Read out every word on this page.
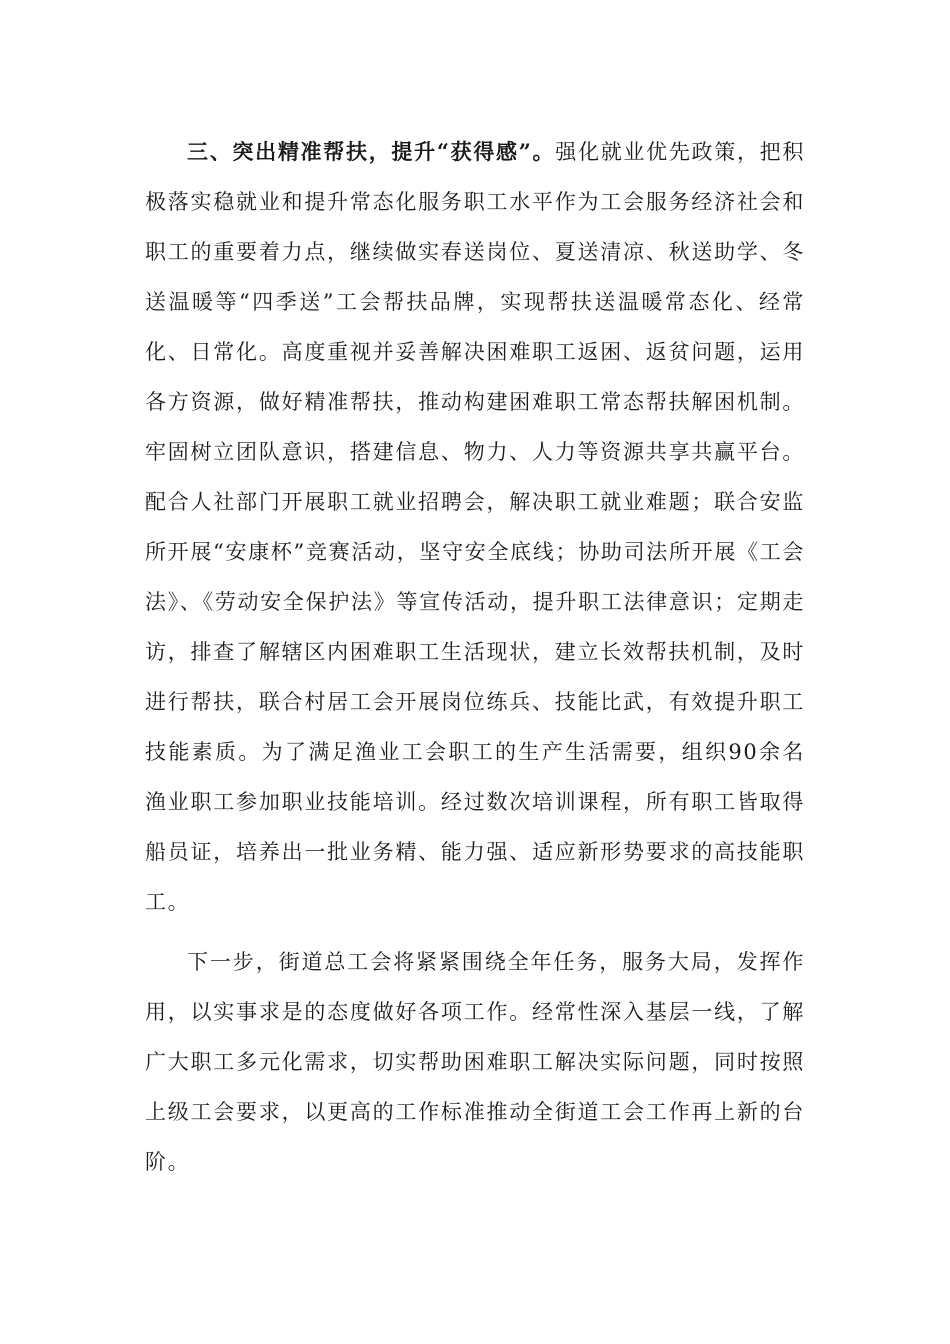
三、突出精准帮扶，提升“获得感”。强化就业优先政策，把积极落实稳就业和提升常态化服务职工水平作为工会服务经济社会和职工的重要着力点，继续做实春送岗位、夏送清凉、秋送助学、冬送温暖等“四季送”工会帮扶品牌，实现帮扶送温暖常态化、经常化、日常化。高度重视并妥善解决困难职工返困、返贫问题，运用各方资源，做好精准帮扶，推动构建困难职工常态帮扶解困机制。牢固树立团队意识，搭建信息、物力、人力等资源共享共赢平台。配合人社部门开展职工就业招聘会，解决职工就业难题；联合安监所开展“安康杯”竞赛活动，坚守安全底线；协助司法所开展《工会法》、《劳动安全保护法》等宣传活动，提升职工法律意识；定期走访，排查了解辖区内困难职工生活现状，建立长效帮扶机制，及时进行帮扶，联合村居工会开展岗位练兵、技能比武，有效提升职工技能素质。为了满足渔业工会职工的生产生活需要，组织90余名渔业职工参加职业技能培训。经过数次培训课程，所有职工皆取得船员证，培养出一批业务精、能力强、适应新形势要求的高技能职工。

下一步，街道总工会将紧紧围绕全年任务，服务大局，发挥作用，以实事求是的态度做好各项工作。经常性深入基层一线，了解广大职工多元化需求，切实帮助困难职工解决实际问题，同时按照上级工会要求，以更高的工作标准推动全街道工会工作再上新的台阶。
